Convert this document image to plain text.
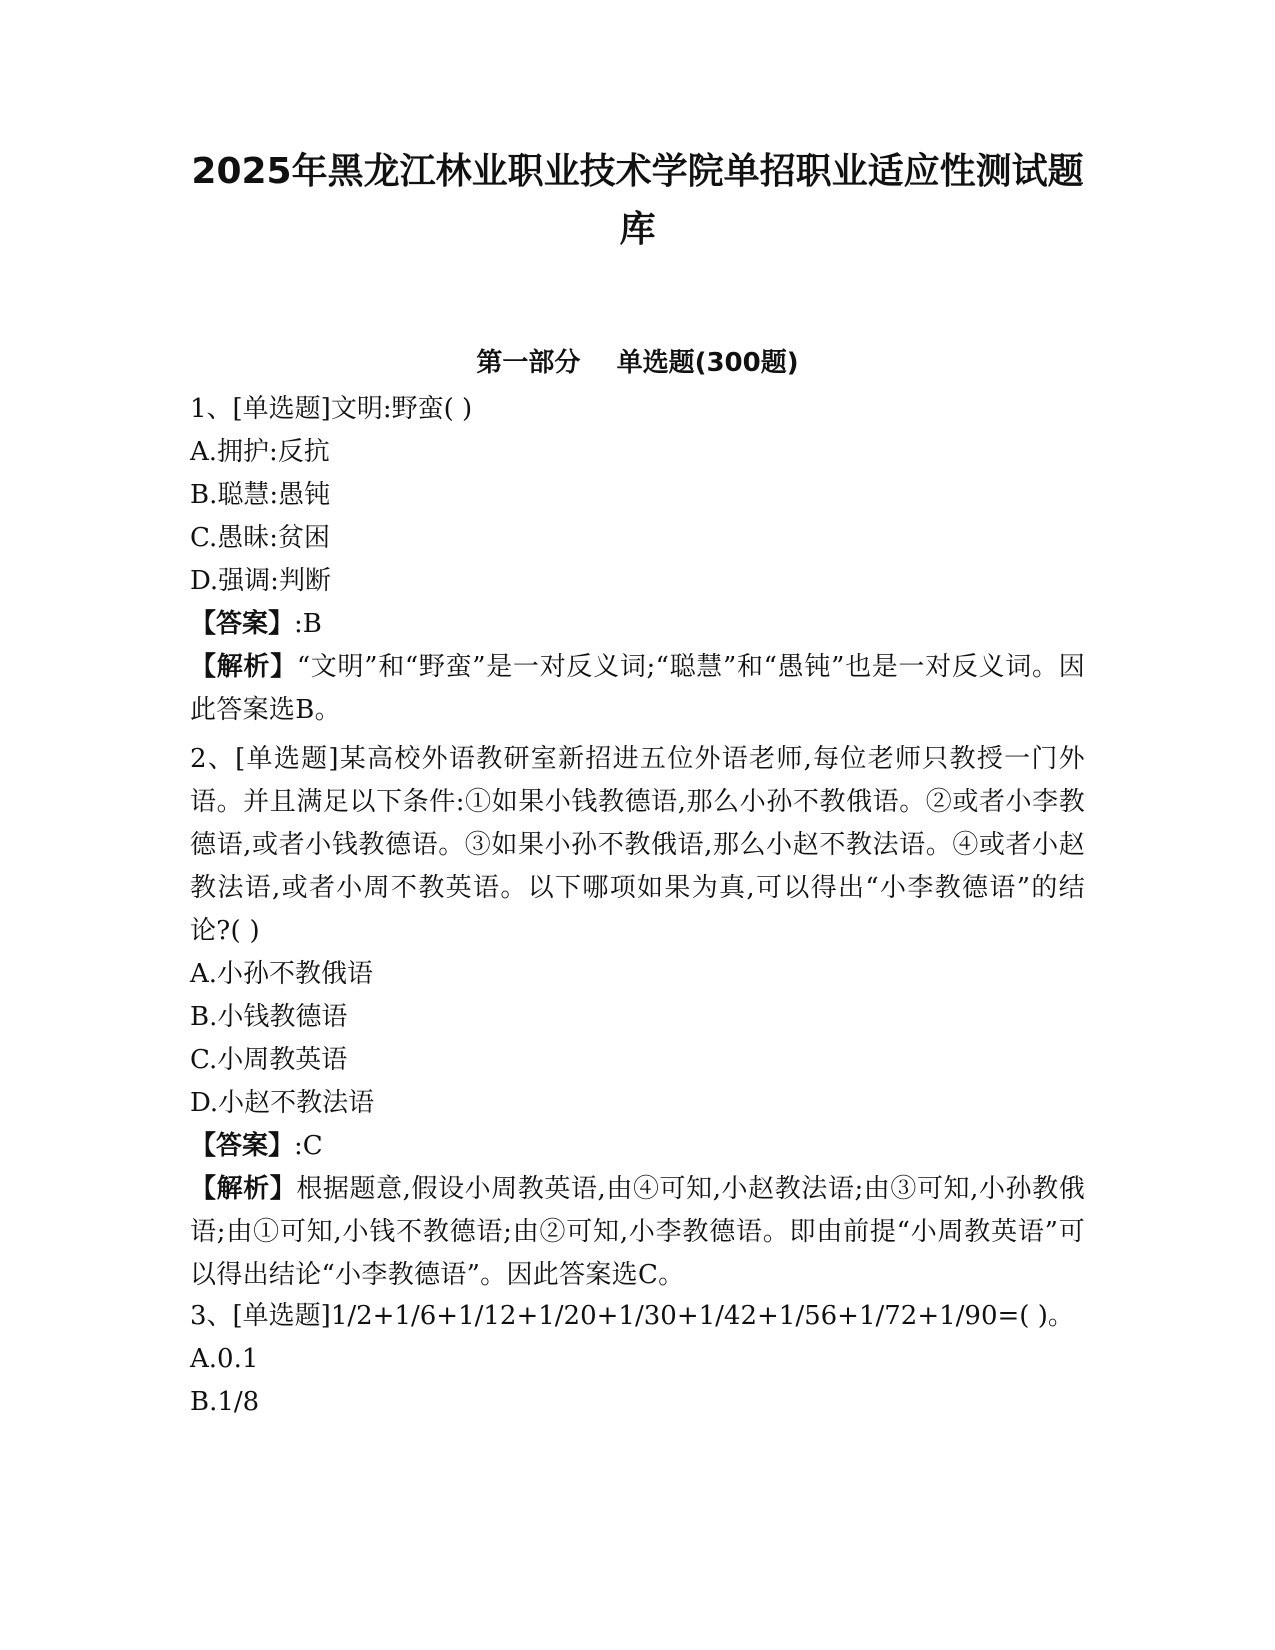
2025年黑龙江林业职业技术学院单招职业适应性测试题库
第一部分    单选题(300题)
1、[单选题]文明:野蛮( )
A.拥护:反抗
B.聪慧:愚钝
C.愚昧:贫困
D.强调:判断
【答案】:B
【解析】“文明”和“野蛮”是一对反义词;“聪慧”和“愚钝”也是一对反义词。因此答案选B。
2、[单选题]某高校外语教研室新招进五位外语老师,每位老师只教授一门外语。并且满足以下条件:①如果小钱教德语,那么小孙不教俄语。②或者小李教德语,或者小钱教德语。③如果小孙不教俄语,那么小赵不教法语。④或者小赵教法语,或者小周不教英语。以下哪项如果为真,可以得出“小李教德语”的结论?( )
A.小孙不教俄语
B.小钱教德语
C.小周教英语
D.小赵不教法语
【答案】:C
【解析】根据题意,假设小周教英语,由④可知,小赵教法语;由③可知,小孙教俄语;由①可知,小钱不教德语;由②可知,小李教德语。即由前提“小周教英语”可以得出结论“小李教德语”。因此答案选C。
3、[单选题]1/2+1/6+1/12+1/20+1/30+1/42+1/56+1/72+1/90=( )。
A.0.1
B.1/8
